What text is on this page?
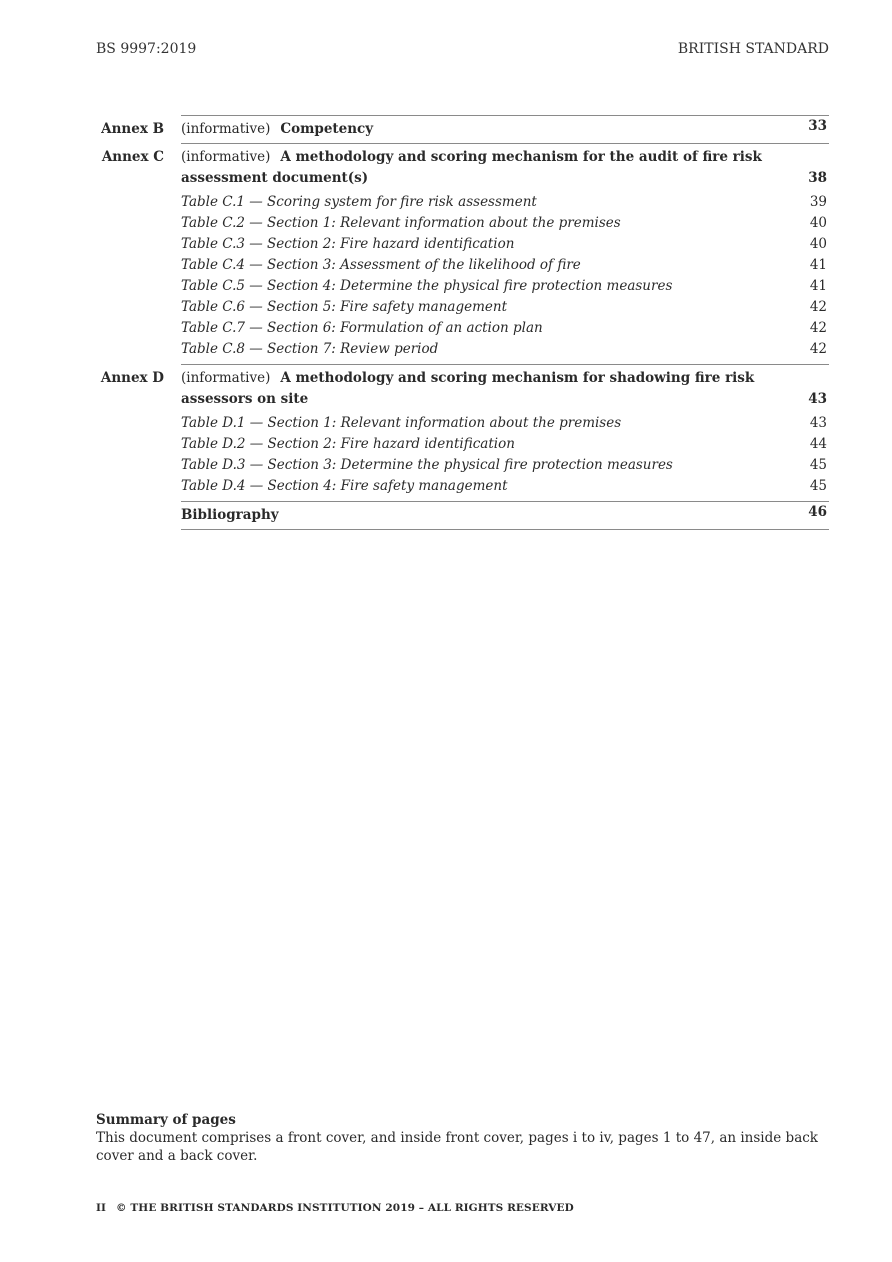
BS 9997:2019	BRITISH STANDARD
Annex B (informative) Competency	33
Annex C (informative) A methodology and scoring mechanism for the audit of fire risk
assessment document(s)	38
Table C.1 — Scoring system for fire risk assessment	39
Table C.2 — Section 1: Relevant information about the premises	40
Table C.3 — Section 2: Fire hazard identification	40
Table C.4 — Section 3: Assessment of the likelihood of fire	41
Table C.5 — Section 4: Determine the physical fire protection measures	41
Table C.6 — Section 5: Fire safety management	42
Table C.7 — Section 6: Formulation of an action plan	42
Table C.8 — Section 7: Review period	42
Annex D (informative) A methodology and scoring mechanism for shadowing fire risk
assessors on site	43
Table D.1 — Section 1: Relevant information about the premises	43
Table D.2 — Section 2: Fire hazard identification	44
Table D.3 — Section 3: Determine the physical fire protection measures	45
Table D.4 — Section 4: Fire safety management	45
Bibliography	46
Summary of pages
This document comprises a front cover, and inside front cover, pages i to iv, pages 1 to 47, an inside back cover and a back cover.
II © THE BRITISH STANDARDS INSTITUTION 2019 – ALL RIGHTS RESERVED
